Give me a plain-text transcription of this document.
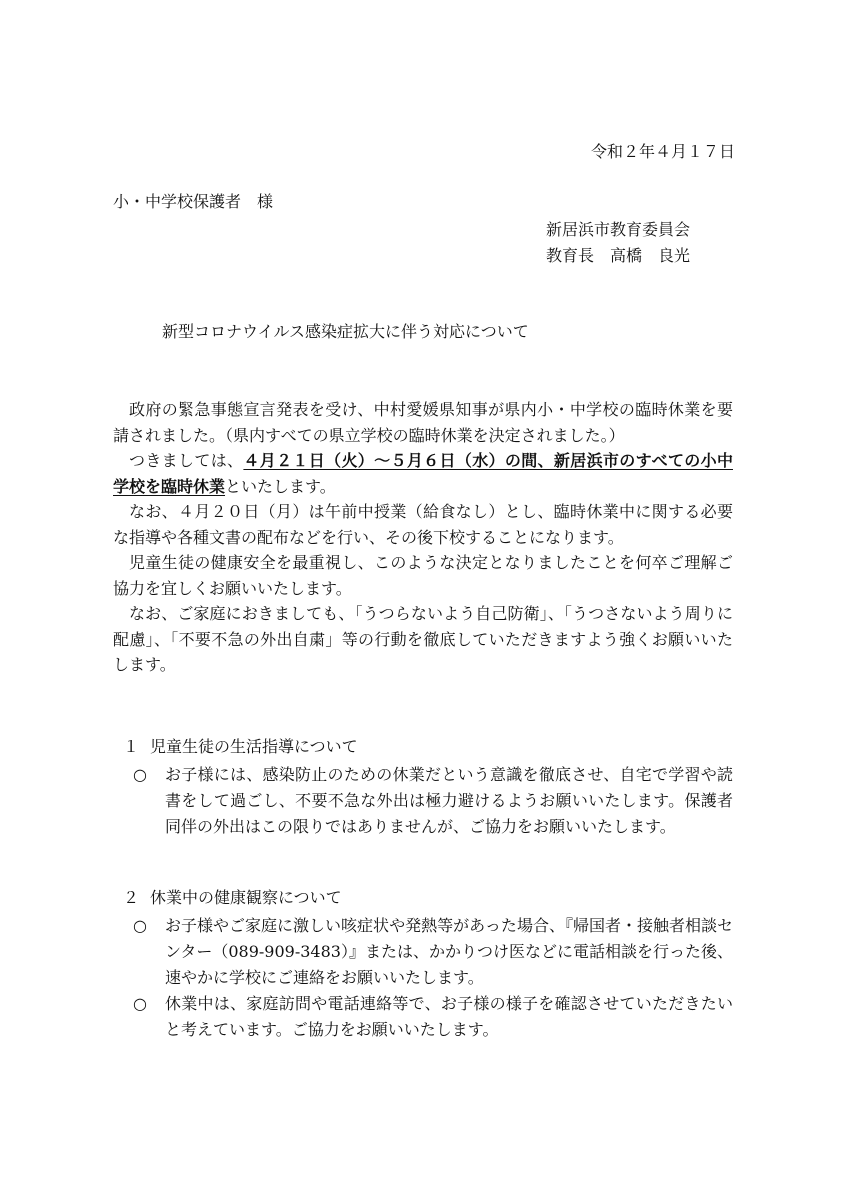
令和２年４月１７日
小・中学校保護者　様
新居浜市教育委員会
教育長　高橋　良光
新型コロナウイルス感染症拡大に伴う対応について

政府の緊急事態宣言発表を受け、中村愛媛県知事が県内小・中学校の臨時休業を要請されました。（県内すべての県立学校の臨時休業を決定されました。）

つきましては、４月２１日（火）～５月６日（水）の間、新居浜市のすべての小中学校を臨時休業といたします。

なお、４月２０日（月）は午前中授業（給食なし）とし、臨時休業中に関する必要な指導や各種文書の配布などを行い、その後下校することになります。

児童生徒の健康安全を最重視し、このような決定となりましたことを何卒ご理解ご協力を宜しくお願いいたします。

なお、ご家庭におきましても、「うつらないよう自己防衛」、「うつさないよう周りに配慮」、「不要不急の外出自粛」等の行動を徹底していただきますよう強くお願いいたします。

１ 児童生徒の生活指導について
○	お子様には、感染防止のための休業だという意識を徹底させ、自宅で学習や読書をして過ごし、不要不急な外出は極力避けるようお願いいたします。保護者同伴の外出はこの限りではありませんが、ご協力をお願いいたします。
２ 休業中の健康観察について
○	お子様やご家庭に激しい咳症状や発熱等があった場合、『帰国者・接触者相談センター（089-909-3483）』または、かかりつけ医などに電話相談を行った後、速やかに学校にご連絡をお願いいたします。
○	休業中は、家庭訪問や電話連絡等で、お子様の様子を確認させていただきたいと考えています。ご協力をお願いいたします。
